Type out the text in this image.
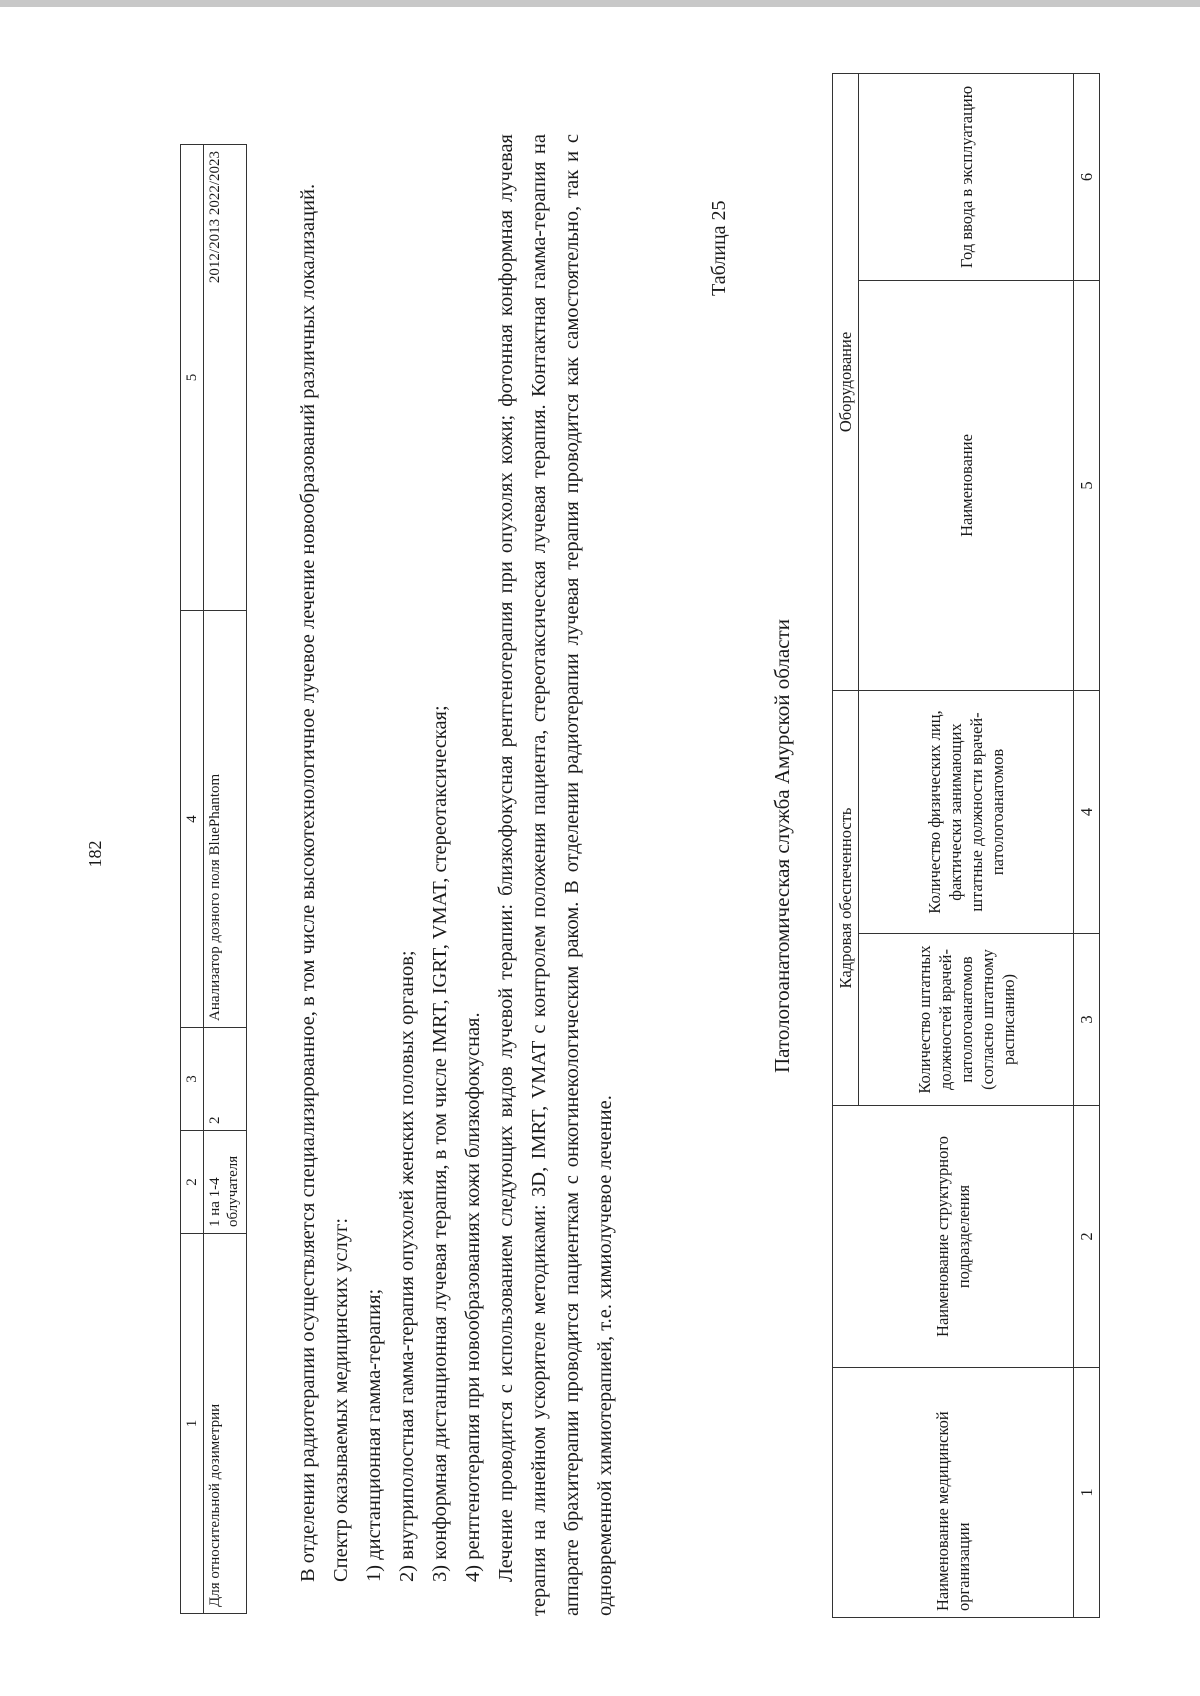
182
1	2	3	4	5
Для относительной дозиметрии	1 на 1-4 облучателя	2	Анализатор дозного поля BluePhantom	2012/2013 2022/2023	В отделении радиотерапии осуществляется специализированное, в том числе высокотехнологичное лучевое лечение новообразований различных локализаций. Спектр оказываемых медицинских услуг: 1) дистанционная гамма-терапия; 2) внутриполостная гамма-терапия опухолей женских половых органов; 3) конформная дистанционная лучевая терапия, в том числе IMRT, IGRT, VMAT, стереотаксическая; 4) рентгенотерапия при новообразованиях кожи близкофокусная. Лечение проводится с использованием следующих видов лучевой терапии: близкофокусная рентгенотерапия при опухолях кожи; фотонная конформная лучевая терапия на линейном ускорителе методиками: 3D, IMRT, VMAT с контролем положения пациента, стереотаксическая лучевая терапия. Контактная гамма-терапия на аппарате брахитерапии проводится пациенткам с онкогинекологическим раком. В отделении радиотерапии лучевая терапия проводится как самостоятельно, так и с одновременной химиотерапией, т.е. химиолучевое лечение.

Таблица 25
Патологоанатомическая служба Амурской области
Наименование медицинской организации	Наименование структурного подразделения	Кадровая обеспеченность		Оборудование	
		Количество штатных должностей врачей-патологоанатомов (согласно штатному расписанию)	Количество физических лиц, фактически занимающих штатные должности врачей-патологоанатомов	Наименование	Год ввода в эксплуатацию
1	2	3	4	5	6
